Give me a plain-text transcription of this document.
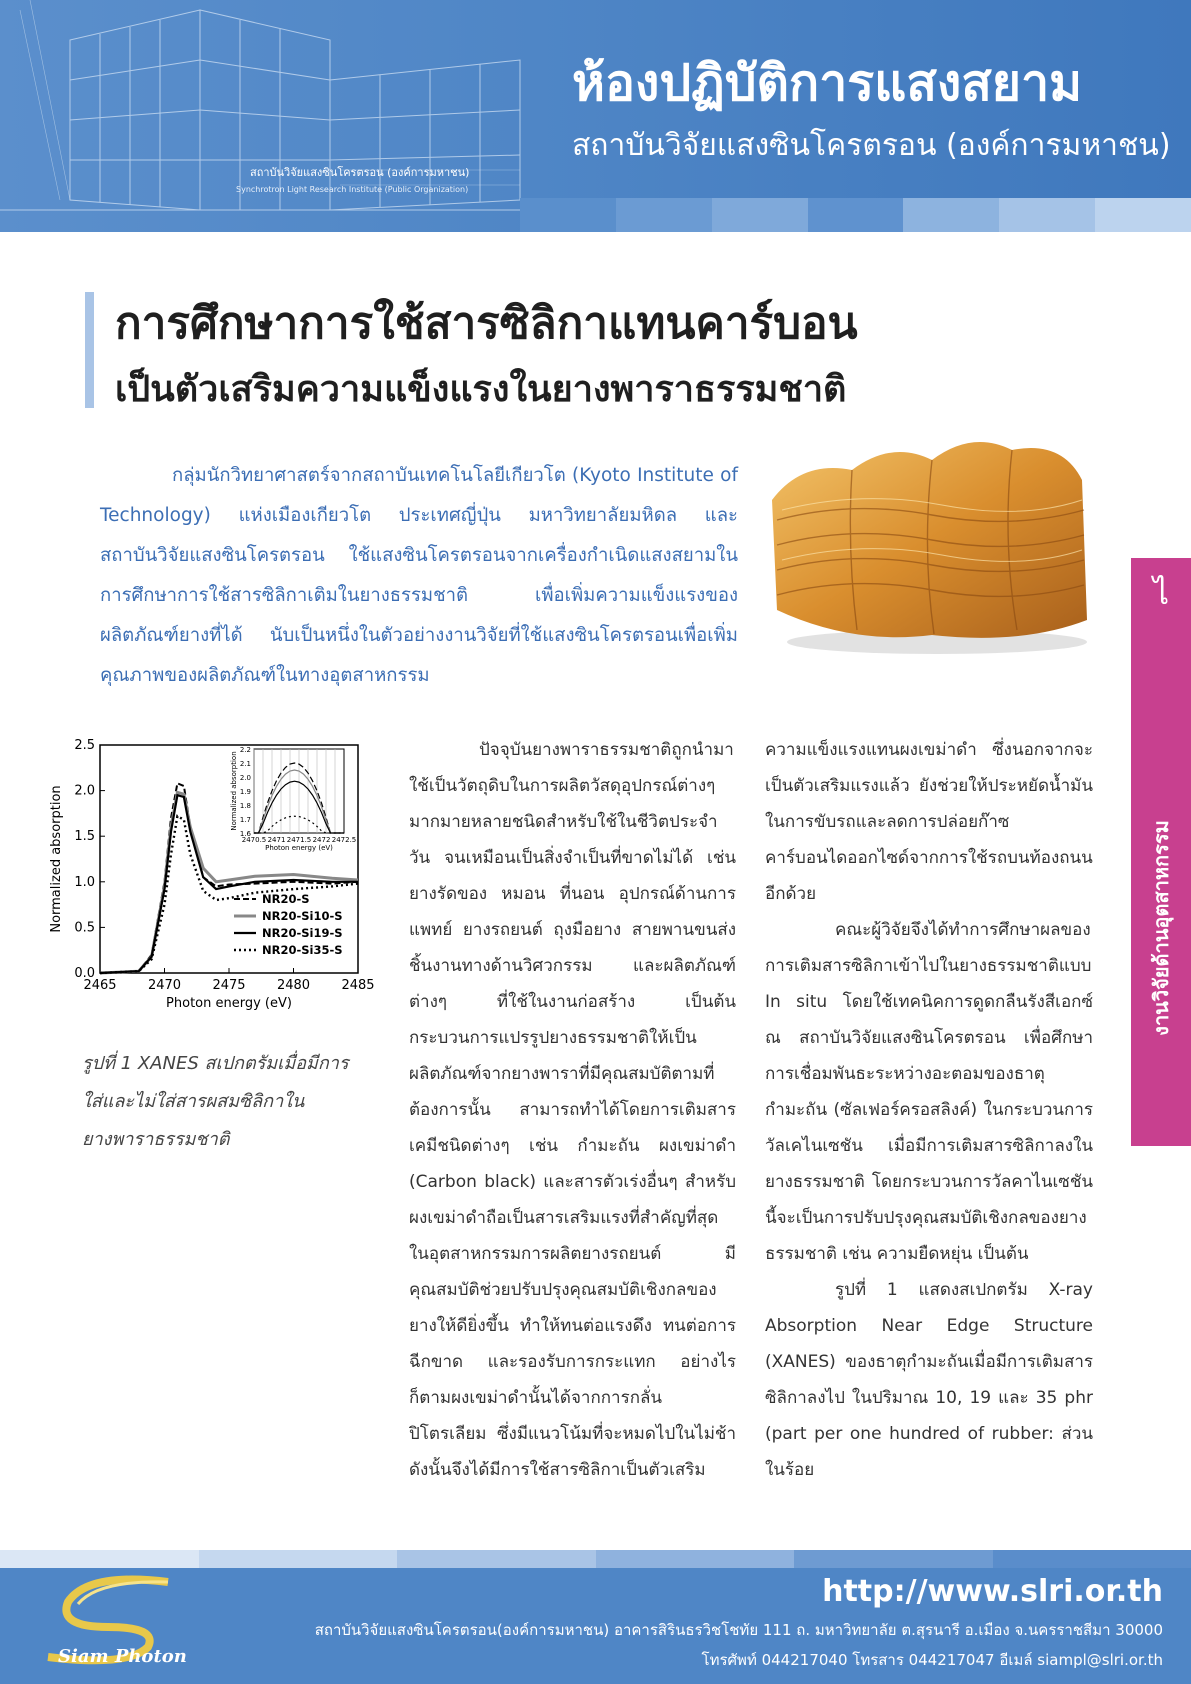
สถาบันวิจัยแสงซินโครตรอน (องค์การมหาชน)
Synchrotron Light Research Institute (Public Organization)
ห้องปฏิบัติการแสงสยาม
สถาบันวิจัยแสงซินโครตรอน (องค์การมหาชน)
การศึกษาการใช้สารซิลิกาแทนคาร์บอน
เป็นตัวเสริมความแข็งแรงในยางพาราธรรมชาติ
กลุ่มนักวิทยาศาสตร์จากสถาบันเทคโนโลยีเกียวโต (Kyoto Institute of Technology) แห่งเมืองเกียวโต ประเทศญี่ปุ่น มหาวิทยาลัยมหิดล และสถาบันวิจัยแสงซินโครตรอน ใช้แสงซินโครตรอนจากเครื่องกำเนิดแสงสยามในการศึกษาการใช้สารซิลิกาเติมในยางธรรมชาติ เพื่อเพิ่มความแข็งแรงของผลิตภัณฑ์ยางที่ได้ นับเป็นหนึ่งในตัวอย่างงานวิจัยที่ใช้แสงซินโครตรอนเพื่อเพิ่มคุณภาพของผลิตภัณฑ์ในทางอุตสาหกรรม
ไ
งานวิจัยด้านอุตสาหกรรม
2465 2470 2475 2480 2485
0.0
0.5
1.0
1.5
2.0
2.5
Photon energy (eV)
Normalized absorption	NR20-S
NR20-Si10-S
NR20-Si19-S
NR20-Si35-S
2470.5 2471 2471.5 2472 2472.5
1.6
1.7
1.8
1.9
2.0
2.1
2.2
Photon energy (eV)
Normalized absorption
รูปที่ 1 XANES สเปกตรัมเมื่อมีการใส่และไม่ใส่สารผสมซิลิกาในยางพาราธรรมชาติ

ปัจจุบันยางพาราธรรมชาติถูกนำมาใช้เป็นวัตถุดิบในการผลิตวัสดุอุปกรณ์ต่างๆ มากมายหลายชนิดสำหรับใช้ในชีวิตประจำวัน จนเหมือนเป็นสิ่งจำเป็นที่ขาดไม่ได้ เช่น ยางรัดของ หมอน ที่นอน อุปกรณ์ด้านการแพทย์ ยางรถยนต์ ถุงมือยาง สายพานขนส่ง ชิ้นงานทางด้านวิศวกรรม และผลิตภัณฑ์ต่างๆ ที่ใช้ในงานก่อสร้าง เป็นต้น กระบวนการแปรรูปยางธรรมชาติให้เป็นผลิตภัณฑ์จากยางพาราที่มีคุณสมบัติตามที่ต้องการนั้น สามารถทำได้โดยการเติมสารเคมีชนิดต่างๆ เช่น กำมะถัน ผงเขม่าดำ (Carbon black) และสารตัวเร่งอื่นๆ สำหรับผงเขม่าดำถือเป็นสารเสริมแรงที่สำคัญที่สุดในอุตสาหกรรมการผลิตยางรถยนต์ มีคุณสมบัติช่วยปรับปรุงคุณสมบัติเชิงกลของยางให้ดียิ่งขึ้น ทำให้ทนต่อแรงดึง ทนต่อการฉีกขาด และรองรับการกระแทก อย่างไรก็ตามผงเขม่าดำนั้นได้จากการกลั่นปิโตรเลียม ซึ่งมีแนวโน้มที่จะหมดไปในไม่ช้า ดังนั้นจึงได้มีการใช้สารซิลิกาเป็นตัวเสริม

ความแข็งแรงแทนผงเขม่าดำ ซึ่งนอกจากจะเป็นตัวเสริมแรงแล้ว ยังช่วยให้ประหยัดน้ำมันในการขับรถและลดการปล่อยก๊าซคาร์บอนไดออกไซด์จากการใช้รถบนท้องถนนอีกด้วย

คณะผู้วิจัยจึงได้ทำการศึกษาผลของการเติมสารซิลิกาเข้าไปในยางธรรมชาติแบบ In situ โดยใช้เทคนิคการดูดกลืนรังสีเอกซ์ ณ สถาบันวิจัยแสงซินโครตรอน เพื่อศึกษาการเชื่อมพันธะระหว่างอะตอมของธาตุกำมะถัน (ซัลเฟอร์ครอสลิงค์) ในกระบวนการวัลเคไนเซชัน เมื่อมีการเติมสารซิลิกาลงในยางธรรมชาติ โดยกระบวนการวัลคาไนเซชันนี้จะเป็นการปรับปรุงคุณสมบัติเชิงกลของยางธรรมชาติ เช่น ความยืดหยุ่น เป็นต้น

รูปที่ 1 แสดงสเปกตรัม X-ray Absorption Near Edge Structure (XANES) ของธาตุกำมะถันเมื่อมีการเติมสารซิลิกาลงไป ในปริมาณ 10, 19 และ 35 phr (part per one hundred of rubber: ส่วนในร้อย

Siam Photon
http://www.slri.or.th
สถาบันวิจัยแสงซินโครตรอน(องค์การมหาชน) อาคารสิรินธรวิชโชทัย 111 ถ. มหาวิทยาลัย ต.สุรนารี อ.เมือง จ.นครราชสีมา 30000
โทรศัพท์ 044217040 โทรสาร 044217047 อีเมล์ siampl@slri.or.th
